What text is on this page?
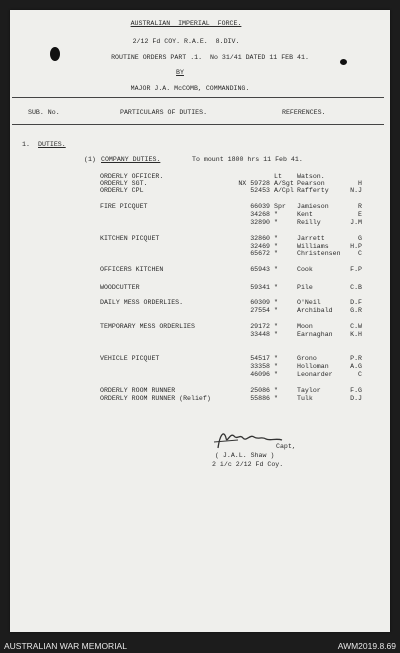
AUSTRALIAN  IMPERIAL  FORCE.
2/12 Fd COY. R.A.E.  8.DIV.
ROUTINE ORDERS PART .1.  No 31/41 DATED 11 FEB 41.
BY
MAJOR J.A. McCOMB, COMMANDING.
SUB. No.	PARTICULARS OF DUTIES.	REFERENCES.
1. DUTIES.
(1) COMPANY DUTIES.	To mount 1800 hrs 11 Feb 41.
ORDERLY OFFICER.	Lt Watson.
ORDERLY SGT.	NX 59728 A/Sgt Pearson	H
ORDERLY CPL	52453 A/Cpl Rafferty	N.J
FIRE PICQUET	66039 Spr Jamieson	R
34268 "	Kent	E
32890 "	Reilly	J.M
KITCHEN PICQUET	32860 "	Jarrett	G
32469 "	Williams	H.P
65672 "	Christensen	C
OFFICERS KITCHEN	65943 "	Cook	F.P
WOODCUTTER	59341 "	Pile	C.B
DAILY MESS ORDERLIES.	60309 "	O'Neil	D.F
27554 "	Archibald	G.R
TEMPORARY MESS ORDERLIES	29172 "	Moon	C.W
33448 "	Earnaghan	K.H
VEHICLE PICQUET	54517 "	Grono	P.R
33358 "	Holloman	A.G
46096 "	Leonarder	C
ORDERLY ROOM RUNNER	25086 "	Taylor	F.G
ORDERLY ROOM RUNNER (Relief)	55886 "	Tulk	D.J
Capt,
( J.A.L. Shaw )
2 i/c 2/12 Fd Coy.
AUSTRALIAN WAR MEMORIAL	AWM2019.8.69
